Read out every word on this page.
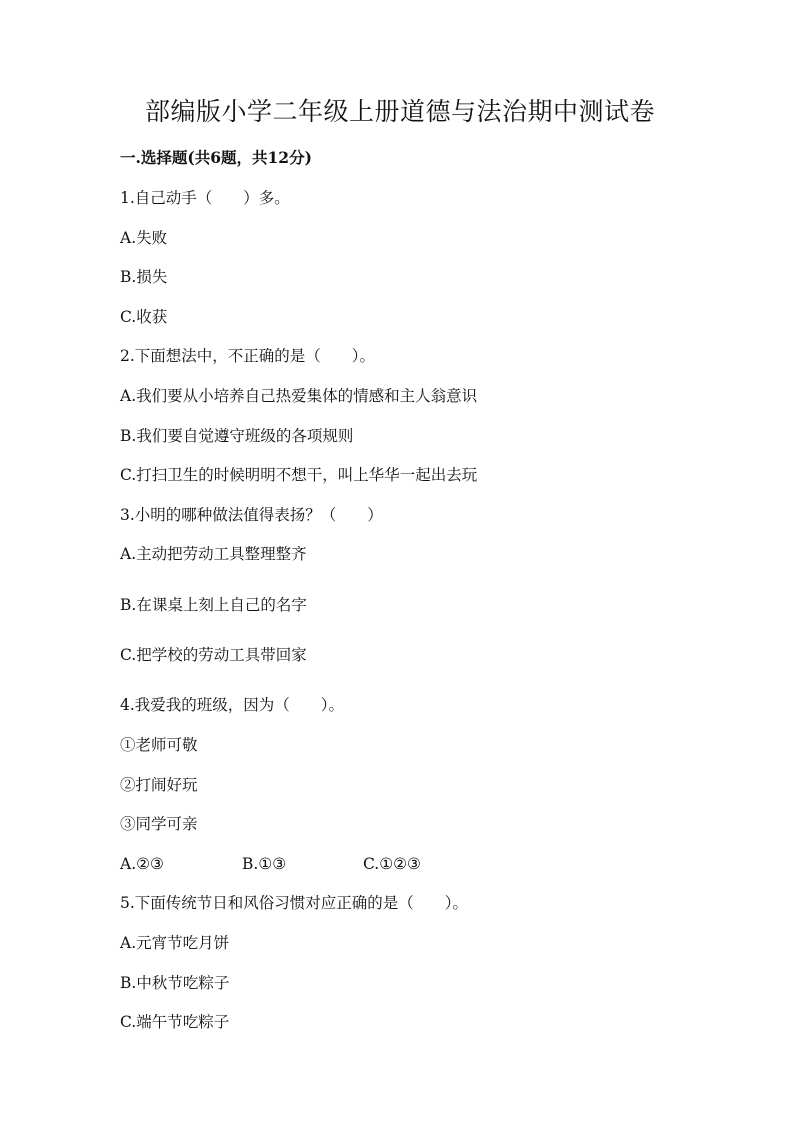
部编版小学二年级上册道德与法治期中测试卷
一.选择题(共6题，共12分)
1.自己动手（　　）多。
A.失败
B.损失
C.收获
2.下面想法中，不正确的是（　　）。
A.我们要从小培养自己热爱集体的情感和主人翁意识
B.我们要自觉遵守班级的各项规则
C.打扫卫生的时候明明不想干，叫上华华一起出去玩
3.小明的哪种做法值得表扬？（　　）
A.主动把劳动工具整理整齐
B.在课桌上刻上自己的名字
C.把学校的劳动工具带回家
4.我爱我的班级，因为（　　）。
①老师可敬
②打闹好玩
③同学可亲
A.②③	B.①③	C.①②③
5.下面传统节日和风俗习惯对应正确的是（　　）。
A.元宵节吃月饼
B.中秋节吃粽子
C.端午节吃粽子
